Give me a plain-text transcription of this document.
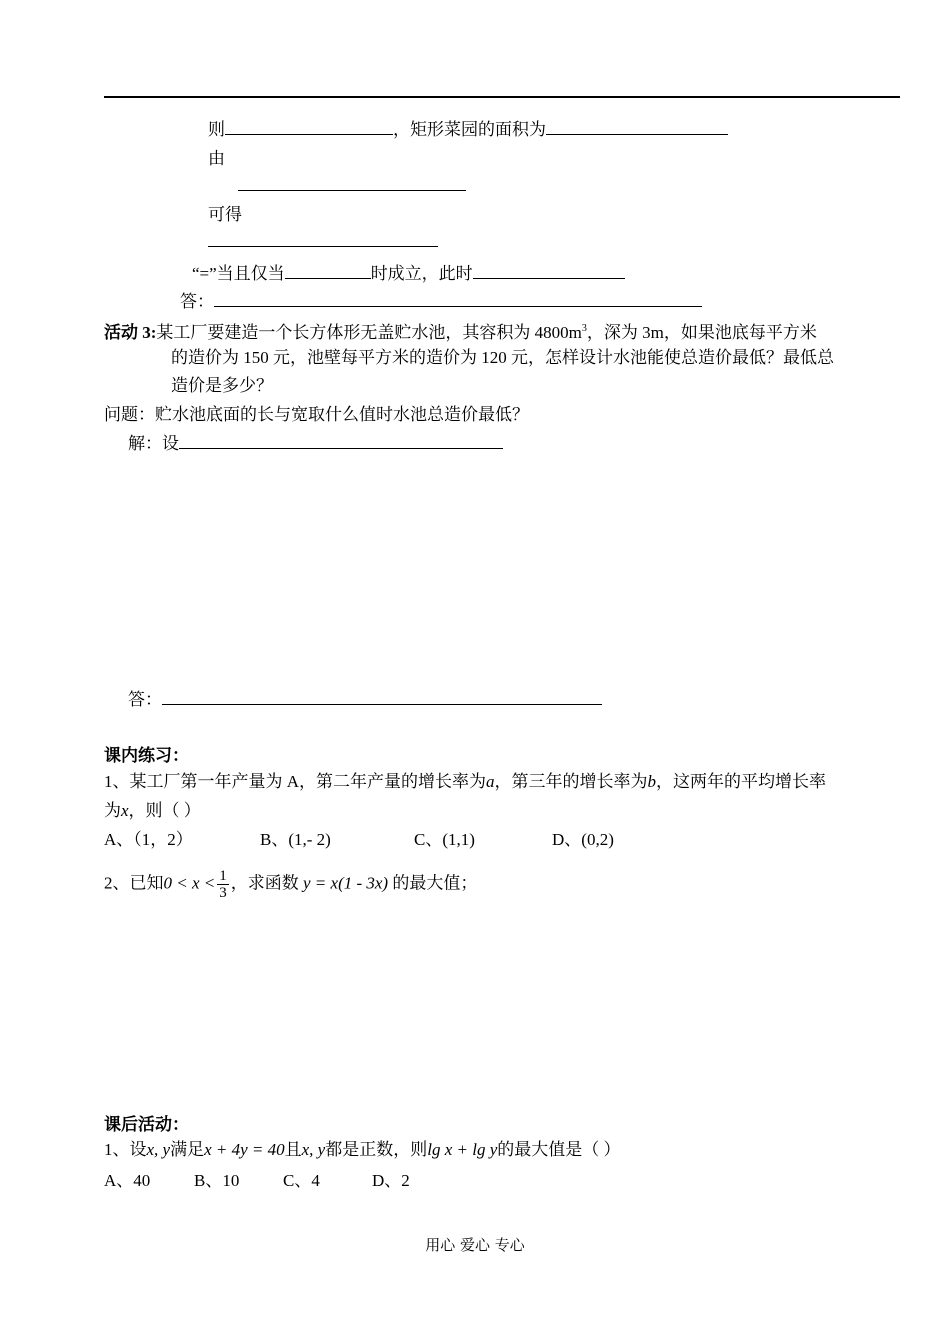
则	，矩形菜园的面积为
由
可得
“=”当且仅当	时成立，此时
答：
活动 3:某工厂要建造一个长方体形无盖贮水池，其容积为 $4800m^3$，深为 3m，如果池底每平方米
的造价为 150 元，池壁每平方米的造价为 120 元，怎样设计水池能使总造价最低？最低总
造价是多少？
问题：贮水池底面的长与宽取什么值时水池总造价最低？
解：设
答：
课内练习：
1、某工厂第一年产量为 A，第二年产量的增长率为a，第三年的增长率为b，这两年的平均增长率
为x，则（ ）
A、（1，2）	B、(1,- 2)	C、(1,1)	D、(0,2)
2、已知$0 < x < \frac{1}{3}$ ，求函数 y = x(1 - 3x) 的最大值；
课后活动：
1、设x, y满足x + 4y = 40且x, y都是正数，则lg x + lg y的最大值是（ ）
A、40	B、10	C、4	D、2
用心 爱心 专心
